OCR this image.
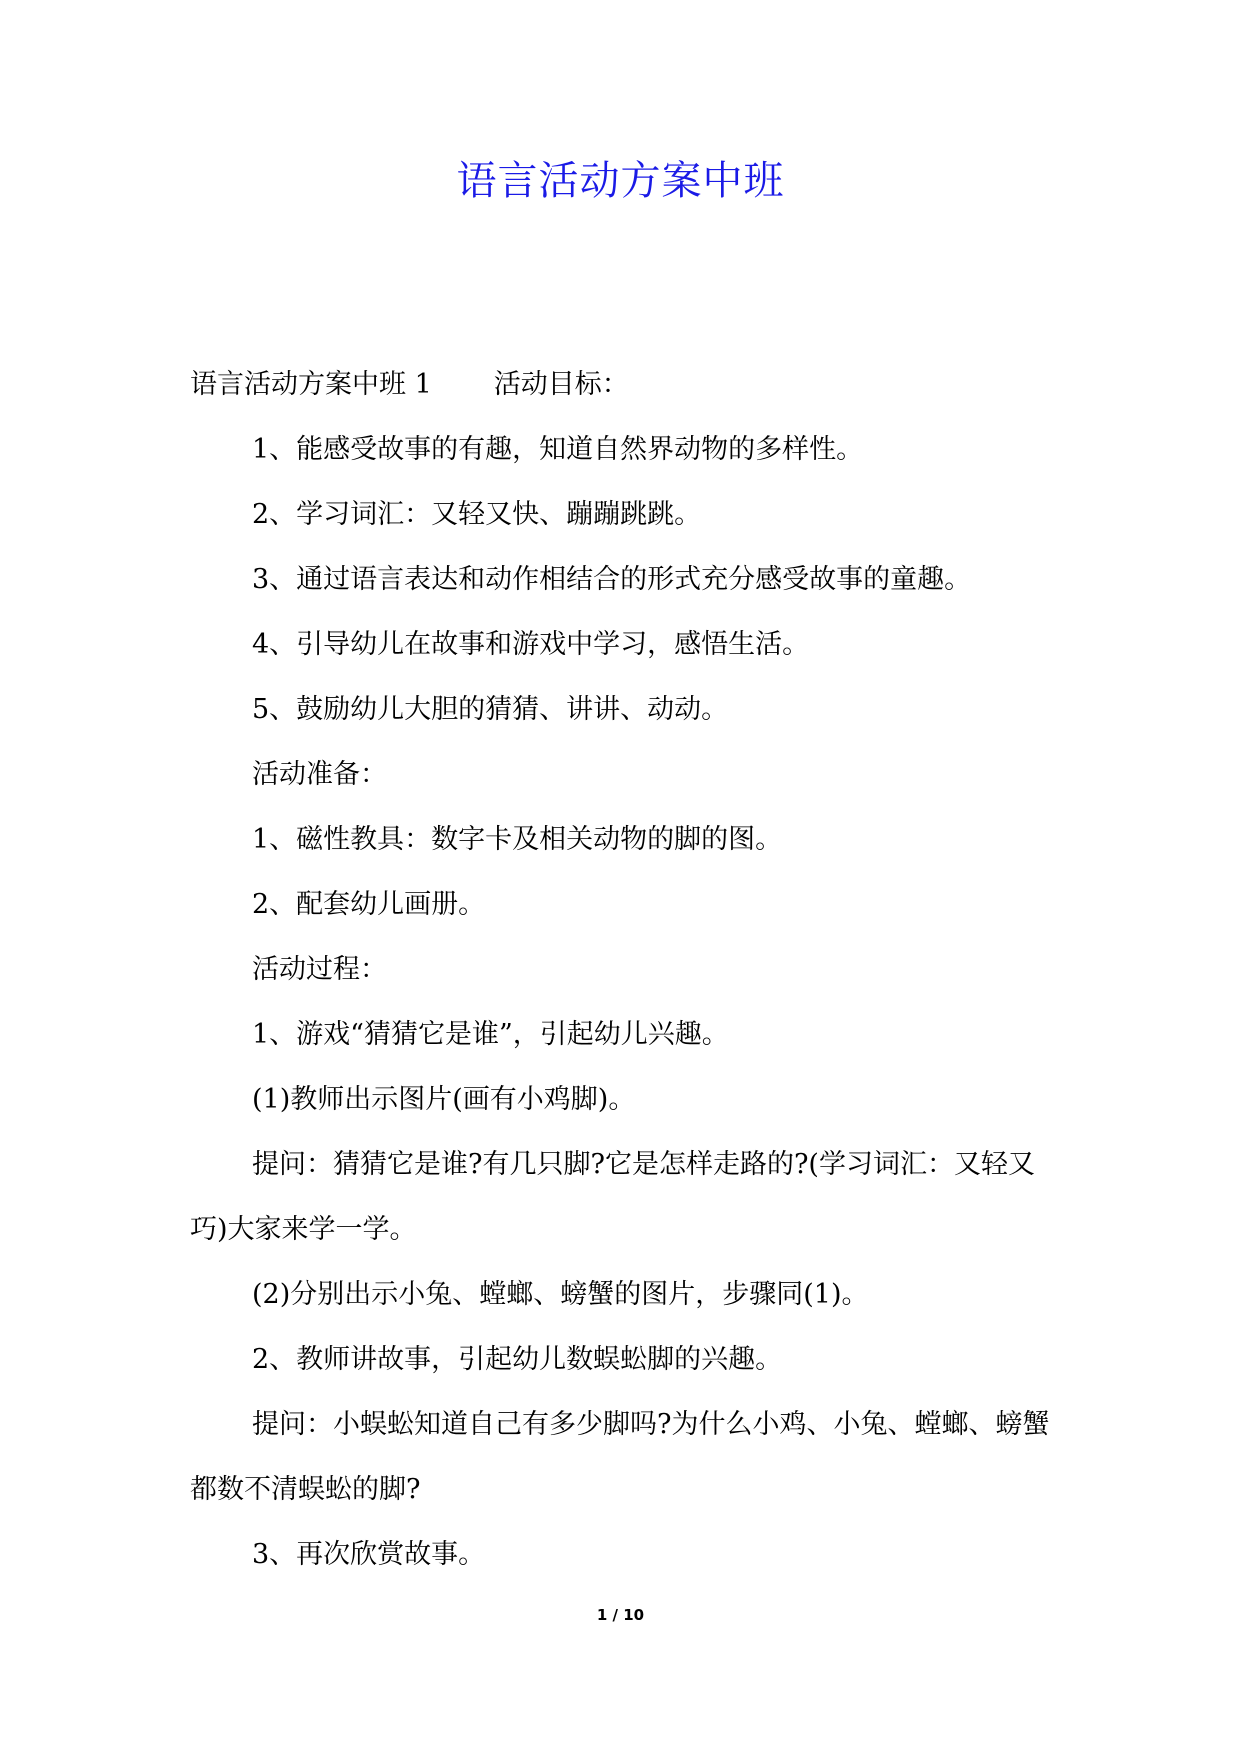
语言活动方案中班

语言活动方案中班 1 活动目标：

1、能感受故事的有趣，知道自然界动物的多样性。

2、学习词汇：又轻又快、蹦蹦跳跳。

3、通过语言表达和动作相结合的形式充分感受故事的童趣。

4、引导幼儿在故事和游戏中学习，感悟生活。

5、鼓励幼儿大胆的猜猜、讲讲、动动。

活动准备：

1、磁性教具：数字卡及相关动物的脚的图。

2、配套幼儿画册。

活动过程：

1、游戏“猜猜它是谁”，引起幼儿兴趣。

(1)教师出示图片(画有小鸡脚)。

提问：猜猜它是谁?有几只脚?它是怎样走路的?(学习词汇：又轻又巧)大家来学一学。

(2)分别出示小兔、螳螂、螃蟹的图片，步骤同(1)。

2、教师讲故事，引起幼儿数蜈蚣脚的兴趣。

提问：小蜈蚣知道自己有多少脚吗?为什么小鸡、小兔、螳螂、螃蟹都数不清蜈蚣的脚?

3、再次欣赏故事。

1 / 10
